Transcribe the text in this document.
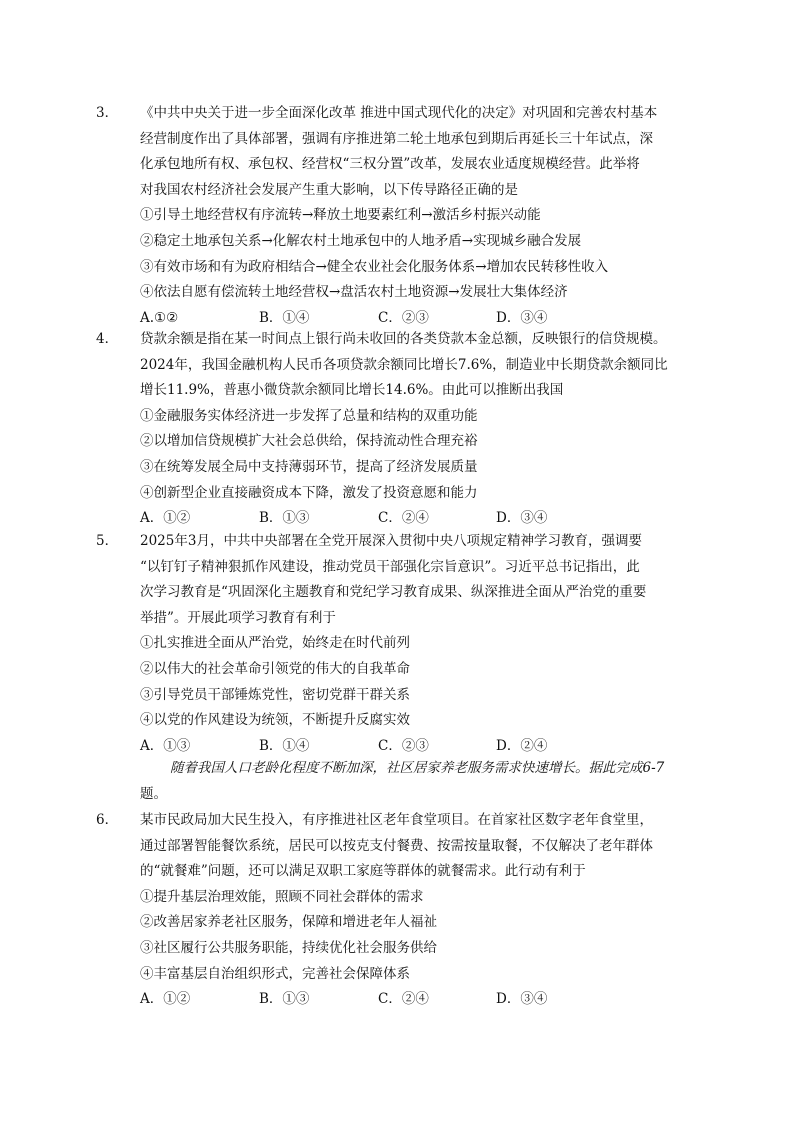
3． 《中共中央关于进一步全面深化改革 推进中国式现代化的决定》对巩固和完善农村基本

经营制度作出了具体部署，强调有序推进第二轮土地承包到期后再延长三十年试点，深

化承包地所有权、承包权、经营权“三权分置”改革，发展农业适度规模经营。此举将

对我国农村经济社会发展产生重大影响，以下传导路径正确的是

①引导土地经营权有序流转→释放土地要素红利→激活乡村振兴动能

②稳定土地承包关系→化解农村土地承包中的人地矛盾→实现城乡融合发展

③有效市场和有为政府相结合→健全农业社会化服务体系→增加农民转移性收入

④依法自愿有偿流转土地经营权→盘活农村土地资源→发展壮大集体经济

A.①②	B．①④	C．②③	D．③④

4． 贷款余额是指在某一时间点上银行尚未收回的各类贷款本金总额，反映银行的信贷规模。

2024年，我国金融机构人民币各项贷款余额同比增长7.6%，制造业中长期贷款余额同比

增长11.9%，普惠小微贷款余额同比增长14.6%。由此可以推断出我国

①金融服务实体经济进一步发挥了总量和结构的双重功能

②以增加信贷规模扩大社会总供给，保持流动性合理充裕

③在统筹发展全局中支持薄弱环节，提高了经济发展质量

④创新型企业直接融资成本下降，激发了投资意愿和能力

A．①②	B．①③	C．②④	D．③④

5． 2025年3月，中共中央部署在全党开展深入贯彻中央八项规定精神学习教育，强调要

“以钉钉子精神狠抓作风建设，推动党员干部强化宗旨意识”。习近平总书记指出，此

次学习教育是“巩固深化主题教育和党纪学习教育成果、纵深推进全面从严治党的重要

举措”。开展此项学习教育有利于

①扎实推进全面从严治党，始终走在时代前列

②以伟大的社会革命引领党的伟大的自我革命

③引导党员干部锤炼党性，密切党群干群关系

④以党的作风建设为统领，不断提升反腐实效

A．①③	B．①④	C．②③	D．②④
随着我国人口老龄化程度不断加深，社区居家养老服务需求快速增长。据此完成6-7
题。

6． 某市民政局加大民生投入，有序推进社区老年食堂项目。在首家社区数字老年食堂里，

通过部署智能餐饮系统，居民可以按克支付餐费、按需按量取餐，不仅解决了老年群体

的“就餐难”问题，还可以满足双职工家庭等群体的就餐需求。此行动有利于

①提升基层治理效能，照顾不同社会群体的需求

②改善居家养老社区服务，保障和增进老年人福祉

③社区履行公共服务职能，持续优化社会服务供给

④丰富基层自治组织形式，完善社会保障体系

A．①②	B．①③	C．②④	D．③④
